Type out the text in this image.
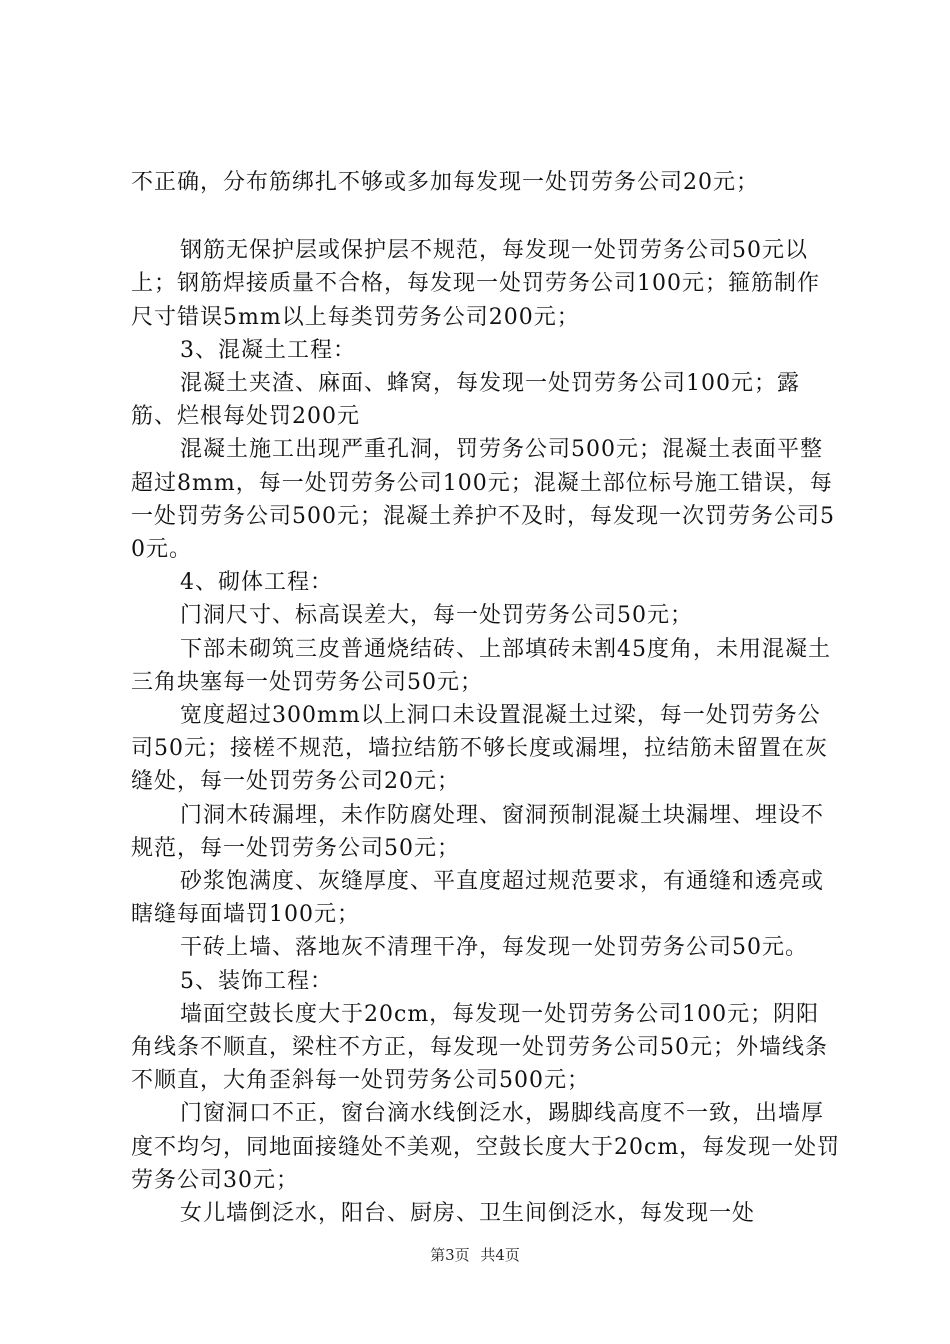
不正确，分布筋绑扎不够或多加每发现一处罚劳务公司20元；

钢筋无保护层或保护层不规范，每发现一处罚劳务公司50元以上；钢筋焊接质量不合格，每发现一处罚劳务公司100元；箍筋制作尺寸错误5mm以上每类罚劳务公司200元；

3、混凝土工程：

混凝土夹渣、麻面、蜂窝，每发现一处罚劳务公司100元；露筋、烂根每处罚200元

混凝土施工出现严重孔洞，罚劳务公司500元；混凝土表面平整超过8mm，每一处罚劳务公司100元；混凝土部位标号施工错误，每一处罚劳务公司500元；混凝土养护不及时，每发现一次罚劳务公司50元。

4、砌体工程：

门洞尺寸、标高误差大，每一处罚劳务公司50元；

下部未砌筑三皮普通烧结砖、上部填砖未割45度角，未用混凝土三角块塞每一处罚劳务公司50元；

宽度超过300mm以上洞口未设置混凝土过梁，每一处罚劳务公司50元；接槎不规范，墙拉结筋不够长度或漏埋，拉结筋未留置在灰缝处，每一处罚劳务公司20元；

门洞木砖漏埋，未作防腐处理、窗洞预制混凝土块漏埋、埋设不规范，每一处罚劳务公司50元；

砂浆饱满度、灰缝厚度、平直度超过规范要求，有通缝和透亮或瞎缝每面墙罚100元；

干砖上墙、落地灰不清理干净，每发现一处罚劳务公司50元。

5、装饰工程：

墙面空鼓长度大于20cm，每发现一处罚劳务公司100元；阴阳角线条不顺直，梁柱不方正，每发现一处罚劳务公司50元；外墙线条不顺直，大角歪斜每一处罚劳务公司500元；

门窗洞口不正，窗台滴水线倒泛水，踢脚线高度不一致，出墙厚度不均匀，同地面接缝处不美观，空鼓长度大于20cm，每发现一处罚劳务公司30元；

女儿墙倒泛水，阳台、厨房、卫生间倒泛水，每发现一处

第3页 共4页
